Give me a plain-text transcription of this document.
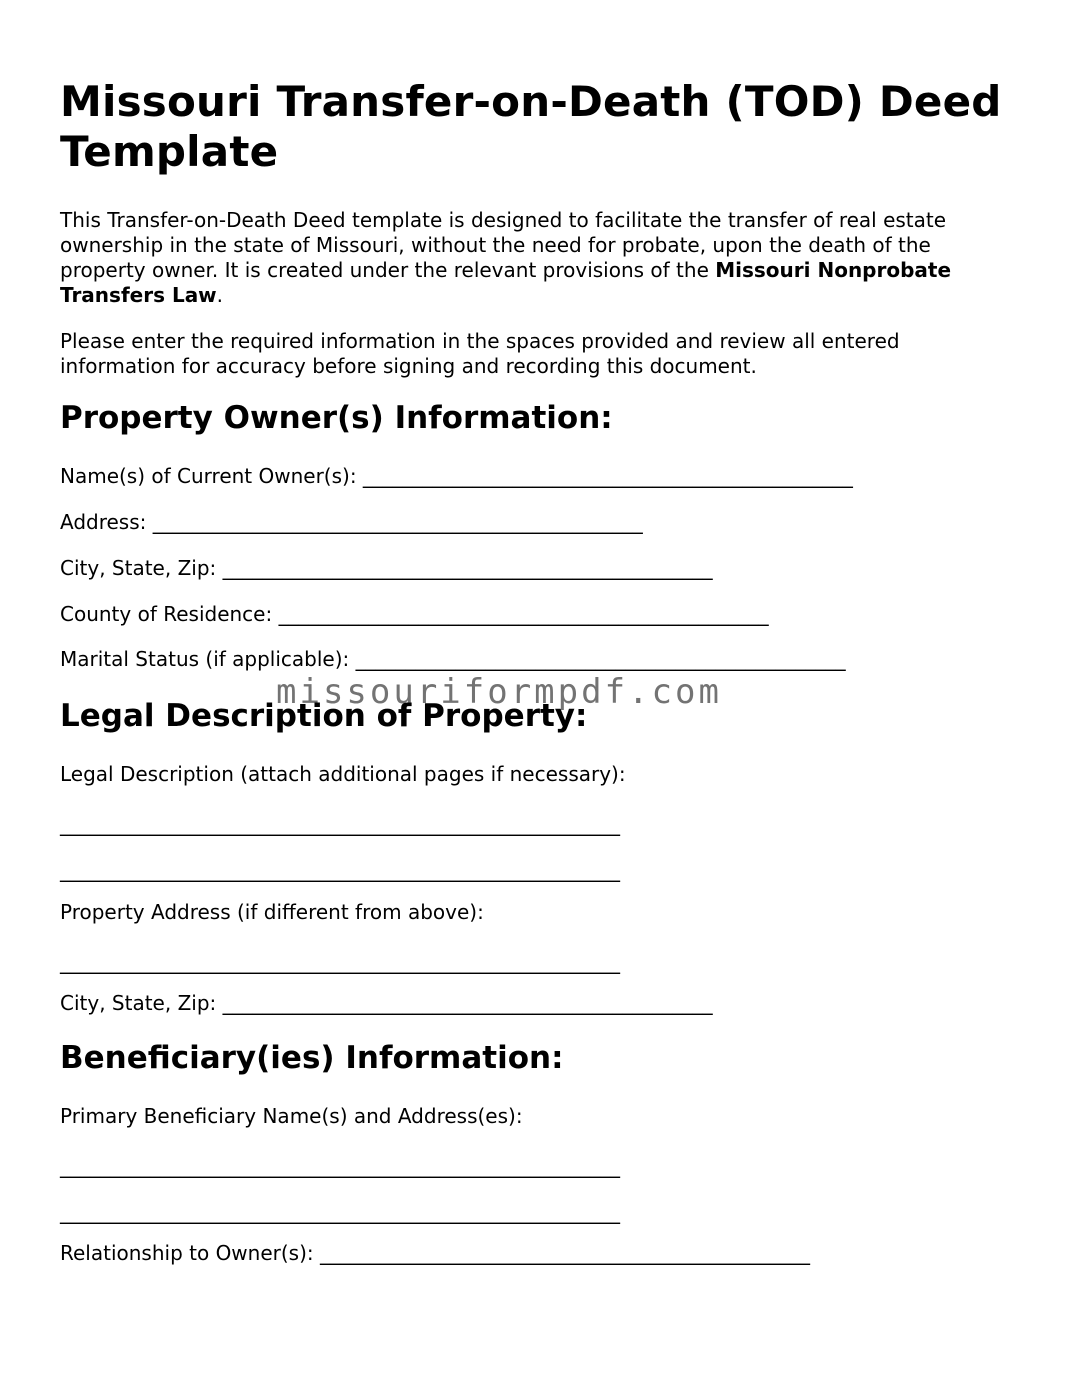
Missouri Transfer-on-Death (TOD) Deed Template

This Transfer-on-Death Deed template is designed to facilitate the transfer of real estate ownership in the state of Missouri, without the need for probate, upon the death of the property owner. It is created under the relevant provisions of the Missouri Nonprobate Transfers Law.

Please enter the required information in the spaces provided and review all entered information for accuracy before signing and recording this document.

Property Owner(s) Information:
Name(s) of Current Owner(s): _________________________________________________
Address: _________________________________________________
City, State, Zip: _________________________________________________
County of Residence: _________________________________________________
Marital Status (if applicable): _________________________________________________
Legal Description of Property:
Legal Description (attach additional pages if necessary):
________________________________________________________
________________________________________________________
Property Address (if different from above):
________________________________________________________
City, State, Zip: _________________________________________________
Beneficiary(ies) Information:
Primary Beneficiary Name(s) and Address(es):
________________________________________________________
________________________________________________________
Relationship to Owner(s): _________________________________________________
missouriformpdf.com
